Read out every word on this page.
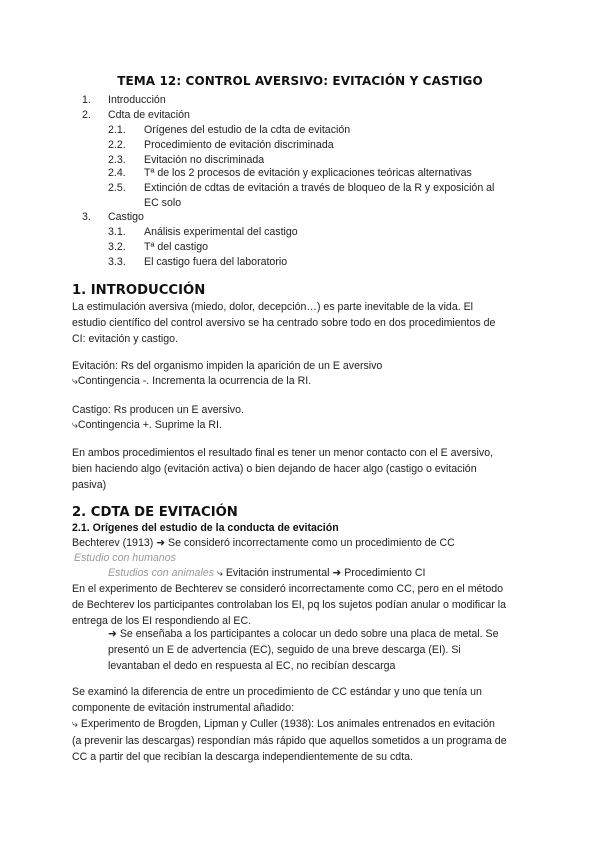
TEMA 12: CONTROL AVERSIVO: EVITACIÓN Y CASTIGO
1. Introducción
2. Cdta de evitación
2.1. Orígenes del estudio de la cdta de evitación
2.2. Procedimiento de evitación discriminada
2.3. Evitación no discriminada
2.4. Tª de los 2 procesos de evitación y explicaciones teóricas alternativas
2.5. Extinción de cdtas de evitación a través de bloqueo de la R y exposición al
EC solo
3. Castigo
3.1. Análisis experimental del castigo
3.2. Tª del castigo
3.3. El castigo fuera del laboratorio
1. INTRODUCCIÓN
La estimulación aversiva (miedo, dolor, decepción…) es parte inevitable de la vida. El
estudio científico del control aversivo se ha centrado sobre todo en dos procedimientos de
CI: evitación y castigo.
Evitación: Rs del organismo impiden la aparición de un E aversivo
⤷Contingencia -. Incrementa la ocurrencia de la RI.
Castigo: Rs producen un E aversivo.
⤷Contingencia +. Suprime la RI.
En ambos procedimientos el resultado final es tener un menor contacto con el E aversivo,
bien haciendo algo (evitación activa) o bien dejando de hacer algo (castigo o evitación
pasiva)
2. CDTA DE EVITACIÓN
2.1. Orígenes del estudio de la conducta de evitación
Bechterev (1913) ➜ Se consideró incorrectamente como un procedimiento de CC
Estudio con humanos
Estudios con animales ⤷ Evitación instrumental ➜ Procedimiento CI
En el experimento de Bechterev se consideró incorrectamente como CC, pero en el método
de Bechterev los participantes controlaban los EI, pq los sujetos podían anular o modificar la
entrega de los EI respondiendo al EC.
➜ Se enseñaba a los participantes a colocar un dedo sobre una placa de metal. Se
presentó un E de advertencia (EC), seguido de una breve descarga (EI). Si
levantaban el dedo en respuesta al EC, no recibían descarga
Se examinó la diferencia de entre un procedimiento de CC estándar y uno que tenía un
componente de evitación instrumental añadido:
⤷ Experimento de Brogden, Lipman y Culler (1938): Los animales entrenados en evitación
(a prevenir las descargas) respondían más rápido que aquellos sometidos a un programa de
CC a partir del que recibían la descarga independientemente de su cdta.
